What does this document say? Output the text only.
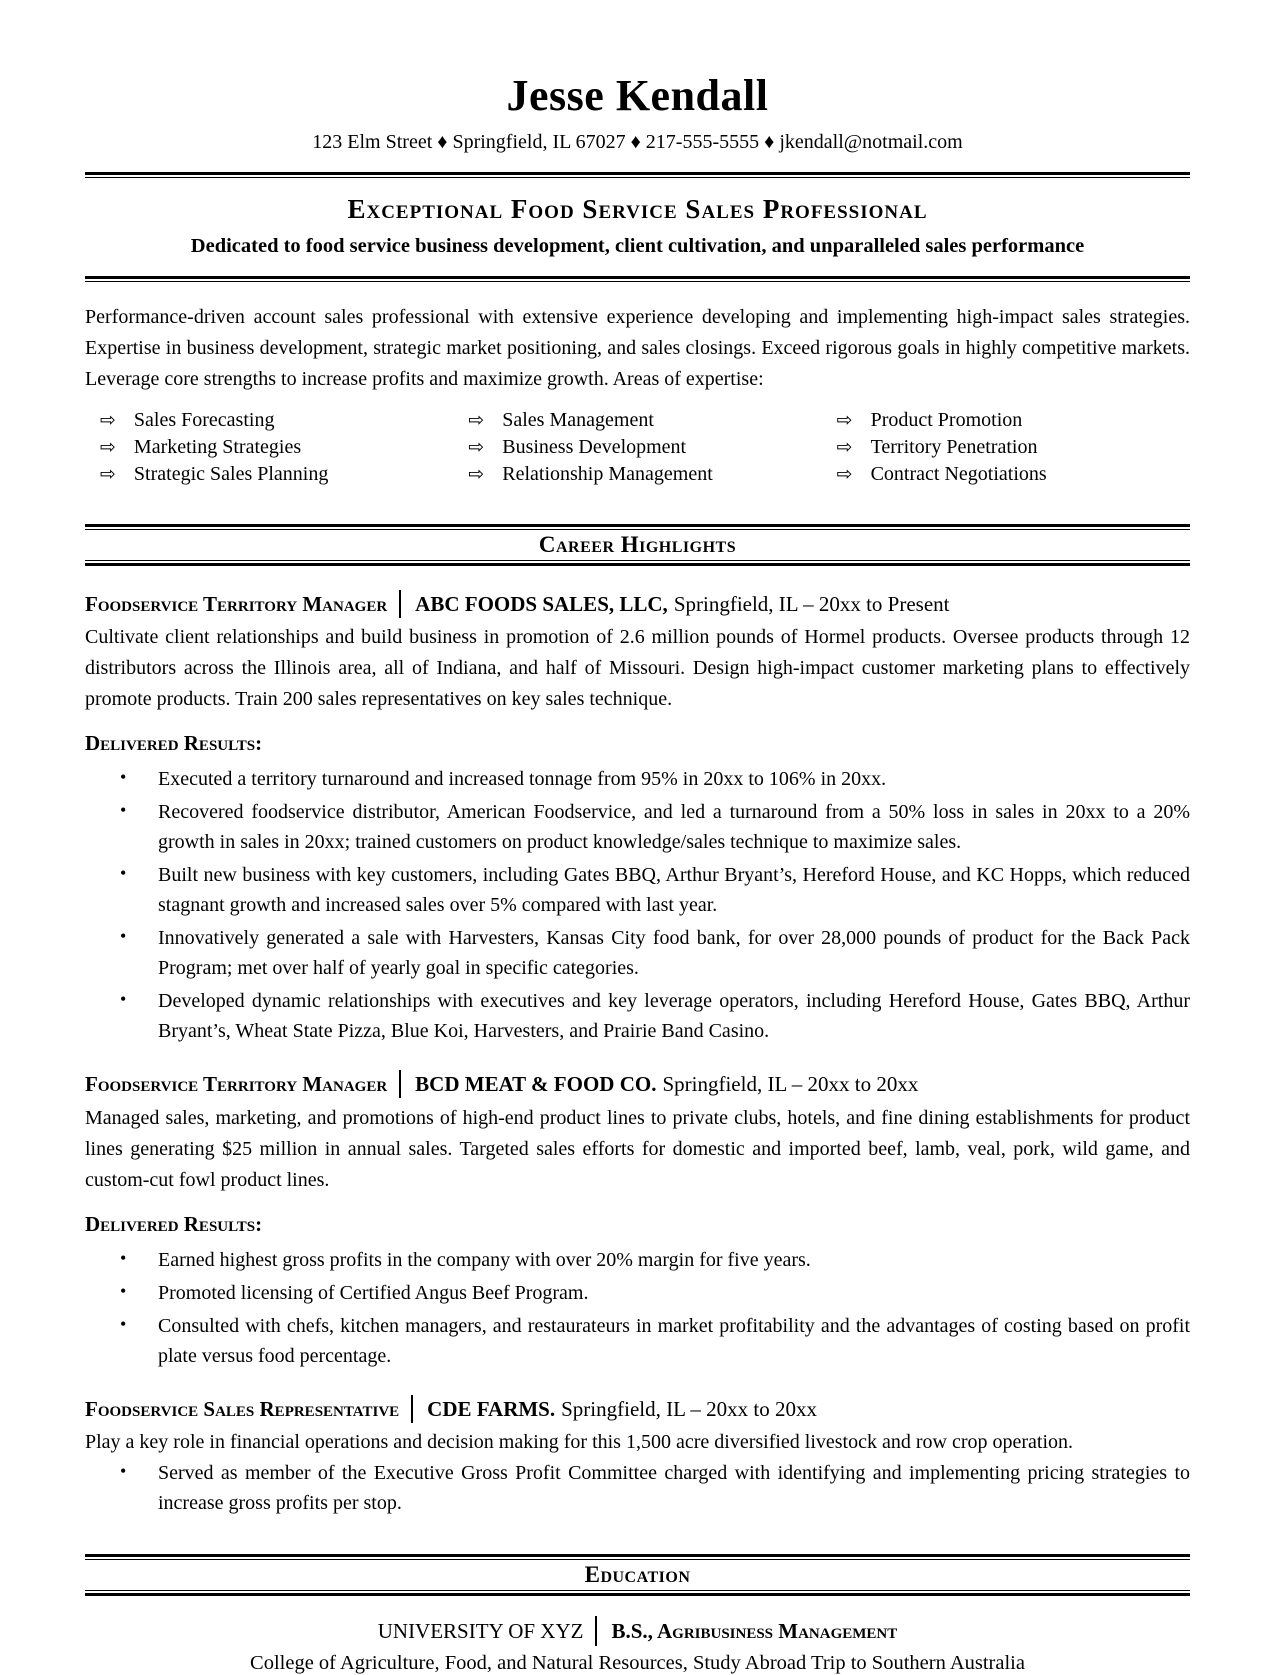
Jesse Kendall
123 Elm Street ♦ Springfield, IL 67027 ♦ 217-555-5555 ♦ jkendall@notmail.com
Exceptional Food Service Sales Professional
Dedicated to food service business development, client cultivation, and unparalleled sales performance

Performance-driven account sales professional with extensive experience developing and implementing high-impact sales strategies. Expertise in business development, strategic market positioning, and sales closings. Exceed rigorous goals in highly competitive markets. Leverage core strengths to increase profits and maximize growth. Areas of expertise:

⇨ Sales Forecasting
⇨ Marketing Strategies
⇨ Strategic Sales Planning
⇨ Sales Management
⇨ Business Development
⇨ Relationship Management
⇨ Product Promotion
⇨ Territory Penetration
⇨ Contract Negotiations
Career Highlights
Foodservice Territory Manager ABC FOODS SALES, LLC, Springfield, IL – 20xx to Present

Cultivate client relationships and build business in promotion of 2.6 million pounds of Hormel products. Oversee products through 12 distributors across the Illinois area, all of Indiana, and half of Missouri. Design high-impact customer marketing plans to effectively promote products. Train 200 sales representatives on key sales technique.

Delivered Results:
• Executed a territory turnaround and increased tonnage from 95% in 20xx to 106% in 20xx.
• Recovered foodservice distributor, American Foodservice, and led a turnaround from a 50% loss in sales in 20xx to a 20% growth in sales in 20xx; trained customers on product knowledge/sales technique to maximize sales.
• Built new business with key customers, including Gates BBQ, Arthur Bryant’s, Hereford House, and KC Hopps, which reduced stagnant growth and increased sales over 5% compared with last year.
• Innovatively generated a sale with Harvesters, Kansas City food bank, for over 28,000 pounds of product for the Back Pack Program; met over half of yearly goal in specific categories.
• Developed dynamic relationships with executives and key leverage operators, including Hereford House, Gates BBQ, Arthur Bryant’s, Wheat State Pizza, Blue Koi, Harvesters, and Prairie Band Casino.
Foodservice Territory Manager BCD MEAT & FOOD CO. Springfield, IL – 20xx to 20xx

Managed sales, marketing, and promotions of high-end product lines to private clubs, hotels, and fine dining establishments for product lines generating $25 million in annual sales. Targeted sales efforts for domestic and imported beef, lamb, veal, pork, wild game, and custom-cut fowl product lines.

Delivered Results:
• Earned highest gross profits in the company with over 20% margin for five years.
• Promoted licensing of Certified Angus Beef Program.
• Consulted with chefs, kitchen managers, and restaurateurs in market profitability and the advantages of costing based on profit plate versus food percentage.
Foodservice Sales Representative CDE FARMS. Springfield, IL – 20xx to 20xx

Play a key role in financial operations and decision making for this 1,500 acre diversified livestock and row crop operation.

• Served as member of the Executive Gross Profit Committee charged with identifying and implementing pricing strategies to increase gross profits per stop.
Education
UNIVERSITY OF XYZ B.S., Agribusiness Management
College of Agriculture, Food, and Natural Resources, Study Abroad Trip to Southern Australia
